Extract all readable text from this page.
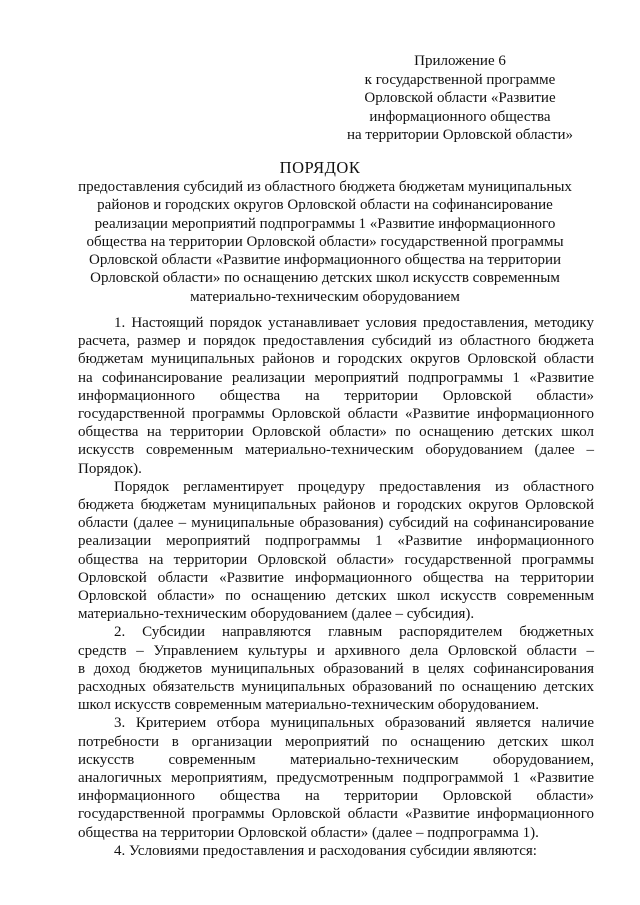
Приложение 6
к государственной программе
Орловской области «Развитие
информационного общества
на территории Орловской области»
ПОРЯДОК
предоставления субсидий из областного бюджета бюджетам муниципальных
районов и городских округов Орловской области на софинансирование
реализации мероприятий подпрограммы 1 «Развитие информационного
общества на территории Орловской области» государственной программы
Орловской области «Развитие информационного общества на территории
Орловской области» по оснащению детских школ искусств современным
материально-техническим оборудованием
1. Настоящий порядок устанавливает условия предоставления, методику
расчета, размер и порядок предоставления субсидий из областного бюджета
бюджетам муниципальных районов и городских округов Орловской области
на софинансирование реализации мероприятий подпрограммы 1 «Развитие
информационного общества на территории Орловской области»
государственной программы Орловской области «Развитие информационного
общества на территории Орловской области» по оснащению детских школ
искусств современным материально-техническим оборудованием (далее –
Порядок).
Порядок регламентирует процедуру предоставления из областного
бюджета бюджетам муниципальных районов и городских округов Орловской
области (далее – муниципальные образования) субсидий на софинансирование
реализации мероприятий подпрограммы 1 «Развитие информационного
общества на территории Орловской области» государственной программы
Орловской области «Развитие информационного общества на территории
Орловской области» по оснащению детских школ искусств современным
материально-техническим оборудованием (далее – субсидия).
2. Субсидии направляются главным распорядителем бюджетных
средств – Управлением культуры и архивного дела Орловской области –
в доход бюджетов муниципальных образований в целях софинансирования
расходных обязательств муниципальных образований по оснащению детских
школ искусств современным материально-техническим оборудованием.
3. Критерием отбора муниципальных образований является наличие
потребности в организации мероприятий по оснащению детских школ
искусств современным материально-техническим оборудованием,
аналогичных мероприятиям, предусмотренным подпрограммой 1 «Развитие
информационного общества на территории Орловской области»
государственной программы Орловской области «Развитие информационного
общества на территории Орловской области» (далее – подпрограмма 1).
4. Условиями предоставления и расходования субсидии являются:
